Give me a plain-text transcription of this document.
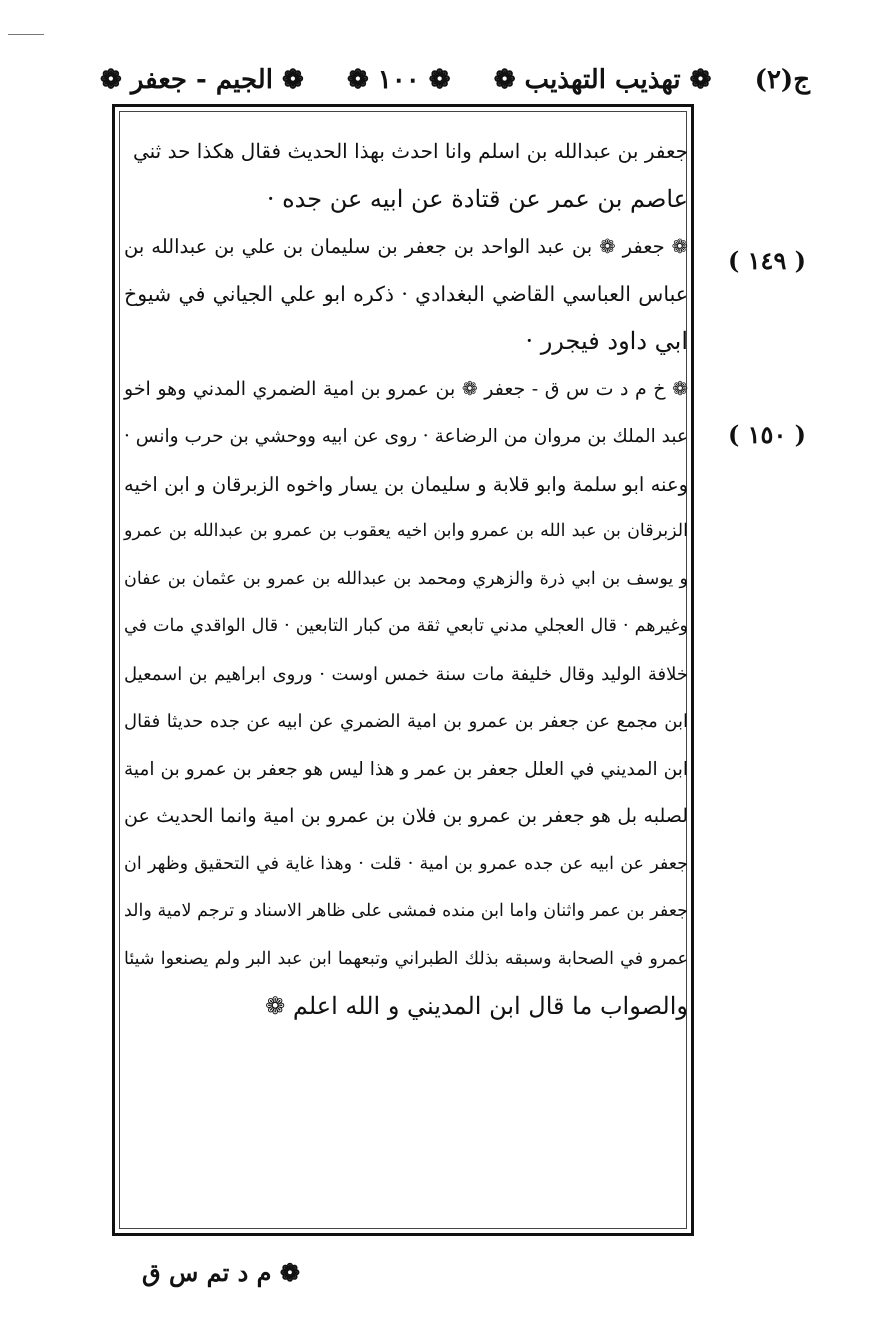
ج(٢)
❁ تهذيب التهذيب ❁
❁ ١٠٠ ❁
❁ الجيم - جعفر ❁
( ١٤٩ )
( ١٥٠ )
جعفر بن عبدالله بن اسلم وانا احدث بهذا الحديث فقال هكذا حد ثني
عاصم بن عمر عن قتادة عن ابيه عن جده ·
❁ جعفر ❁ بن عبد الواحد بن جعفر بن سليمان بن علي بن عبدالله بن
عباس العباسي القاضي البغدادي · ذكره ابو علي الجياني في شيوخ
ابي داود فيجرر ·
❁ خ م د ت س ق - جعفر ❁ بن عمرو بن امية الضمري المدني وهو اخو
عبد الملك بن مروان من الرضاعة · روى عن ابيه ووحشي بن حرب وانس ·
وعنه ابو سلمة وابو قلابة و سليمان بن يسار واخوه الزبرقان و ابن اخيه
الزبرقان بن عبد الله بن عمرو وابن اخيه يعقوب بن عمرو بن عبدالله بن عمرو
و يوسف بن ابي ذرة والزهري ومحمد بن عبدالله بن عمرو بن عثمان بن عفان
وغيرهم · قال العجلي مدني تابعي ثقة من كبار التابعين · قال الواقدي مات في
خلافة الوليد وقال خليفة مات سنة خمس اوست · وروى ابراهيم بن اسمعيل
ابن مجمع عن جعفر بن عمرو بن امية الضمري عن ابيه عن جده حديثا فقال
ابن المديني في العلل جعفر بن عمر و هذا ليس هو جعفر بن عمرو بن امية
لصلبه بل هو جعفر بن عمرو بن فلان بن عمرو بن امية وانما الحديث عن
جعفر عن ابيه عن جده عمرو بن امية · قلت · وهذا غاية في التحقيق وظهر ان
جعفر بن عمر واثنان واما ابن منده فمشى على ظاهر الاسناد و ترجم لامية والد
عمرو في الصحابة وسبقه بذلك الطبراني وتبعهما ابن عبد البر ولم يصنعوا شيئا
والصواب ما قال ابن المديني و الله اعلم ❁
❁ م د تم س ق
